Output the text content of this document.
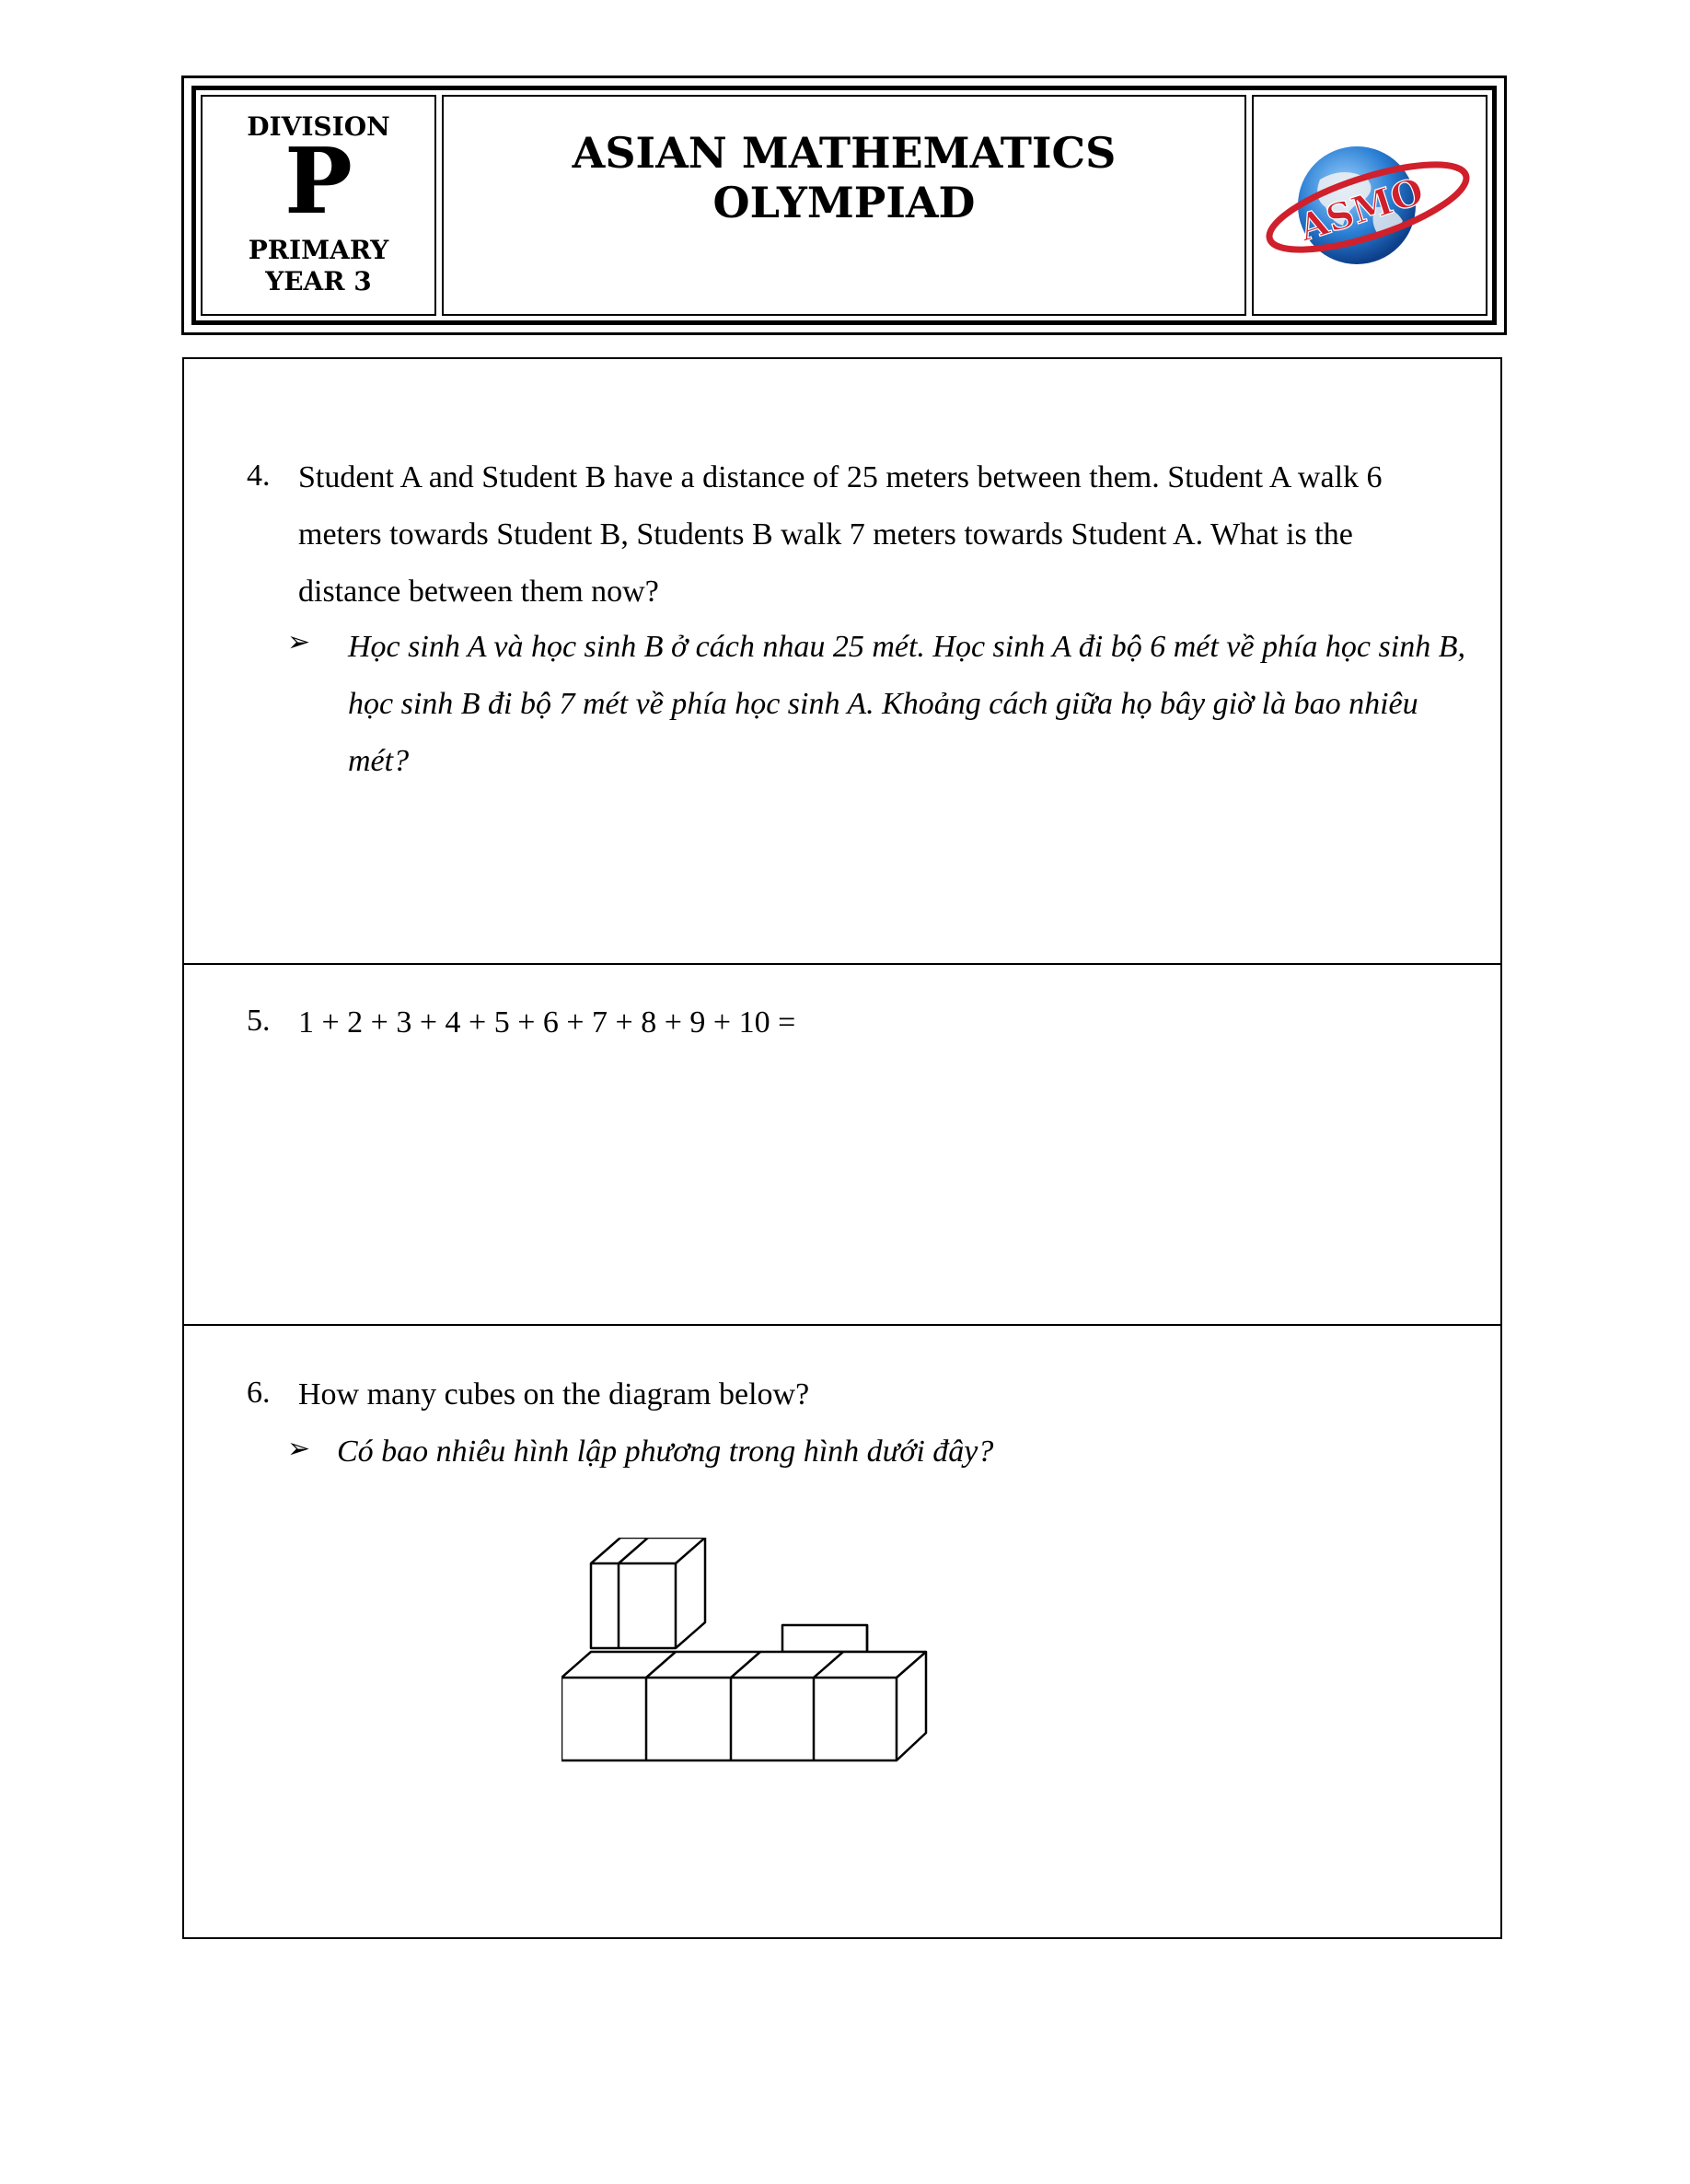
DIVISION
P
PRIMARY
YEAR 3
ASIAN MATHEMATICS
OLYMPIAD	ASMO
4. Student A and Student B have a distance of 25 meters between them. Student A walk 6 meters towards Student B, Students B walk 7 meters towards Student A. What is the distance between them now?
➢ Học sinh A và học sinh B ở cách nhau 25 mét. Học sinh A đi bộ 6 mét về phía học sinh B, học sinh B đi bộ 7 mét về phía học sinh A. Khoảng cách giữa họ bây giờ là bao nhiêu mét?
5. 1 + 2 + 3 + 4 + 5 + 6 + 7 + 8 + 9 + 10 =
6. How many cubes on the diagram below?
➢ Có bao nhiêu hình lập phương trong hình dưới đây?
